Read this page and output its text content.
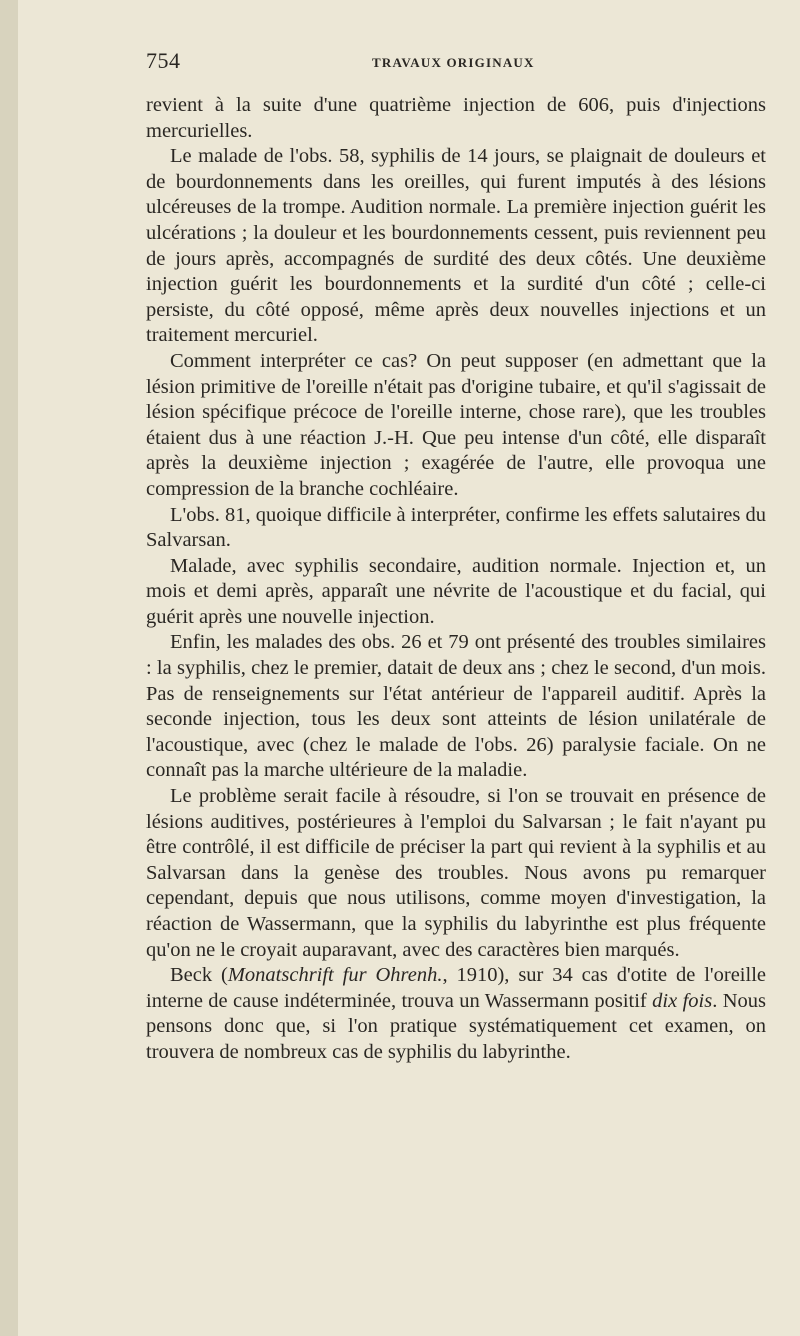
754	TRAVAUX ORIGINAUX

revient à la suite d'une quatrième injection de 606, puis d'injections mercurielles.

Le malade de l'obs. 58, syphilis de 14 jours, se plaignait de douleurs et de bourdonnements dans les oreilles, qui furent imputés à des lésions ulcéreuses de la trompe. Audition normale. La première injection guérit les ulcérations ; la douleur et les bourdonnements cessent, puis reviennent peu de jours après, accompagnés de surdité des deux côtés. Une deuxième injection guérit les bourdonnements et la surdité d'un côté ; celle-ci persiste, du côté opposé, même après deux nouvelles injections et un traitement mercuriel.

Comment interpréter ce cas? On peut supposer (en admettant que la lésion primitive de l'oreille n'était pas d'origine tubaire, et qu'il s'agissait de lésion spécifique précoce de l'oreille interne, chose rare), que les troubles étaient dus à une réaction J.-H. Que peu intense d'un côté, elle disparaît après la deuxième injection ; exagérée de l'autre, elle provoqua une compression de la branche cochléaire.

L'obs. 81, quoique difficile à interpréter, confirme les effets salutaires du Salvarsan.

Malade, avec syphilis secondaire, audition normale. Injection et, un mois et demi après, apparaît une névrite de l'acoustique et du facial, qui guérit après une nouvelle injection.

Enfin, les malades des obs. 26 et 79 ont présenté des troubles similaires : la syphilis, chez le premier, datait de deux ans ; chez le second, d'un mois. Pas de renseignements sur l'état antérieur de l'appareil auditif. Après la seconde injection, tous les deux sont atteints de lésion unilatérale de l'acoustique, avec (chez le malade de l'obs. 26) paralysie faciale. On ne connaît pas la marche ultérieure de la maladie.

Le problème serait facile à résoudre, si l'on se trouvait en présence de lésions auditives, postérieures à l'emploi du Salvarsan ; le fait n'ayant pu être contrôlé, il est difficile de préciser la part qui revient à la syphilis et au Salvarsan dans la genèse des troubles. Nous avons pu remarquer cependant, depuis que nous utilisons, comme moyen d'investigation, la réaction de Wassermann, que la syphilis du labyrinthe est plus fréquente qu'on ne le croyait auparavant, avec des caractères bien marqués.

Beck (Monatschrift fur Ohrenh., 1910), sur 34 cas d'otite de l'oreille interne de cause indéterminée, trouva un Wassermann positif dix fois. Nous pensons donc que, si l'on pratique systématiquement cet examen, on trouvera de nombreux cas de syphilis du labyrinthe.
